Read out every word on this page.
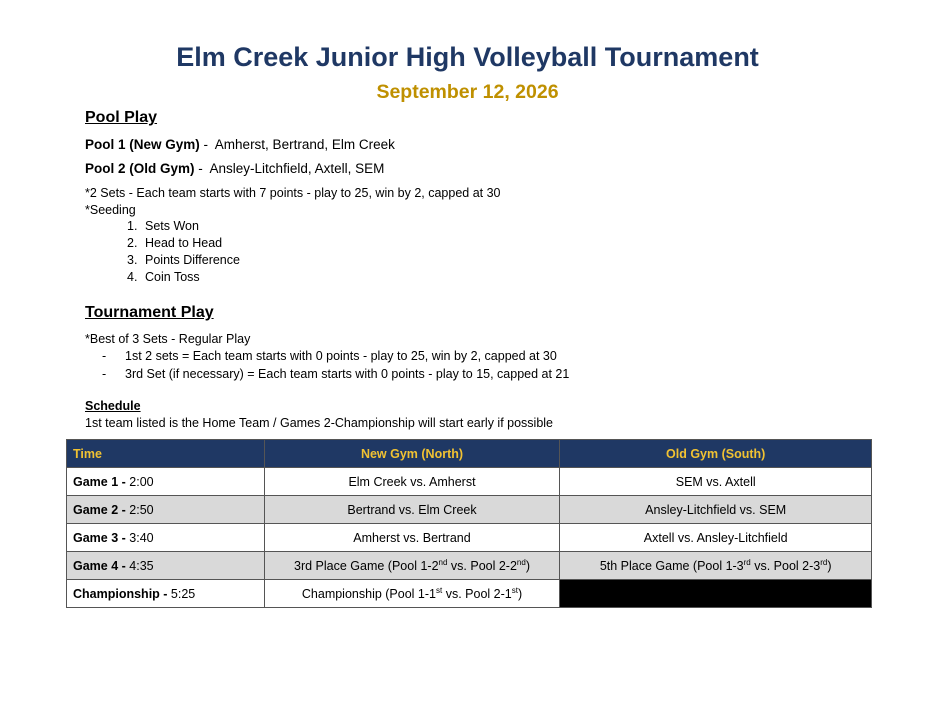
Elm Creek Junior High Volleyball Tournament
September 12, 2026
Pool Play
Pool 1 (New Gym) -  Amherst, Bertrand, Elm Creek
Pool 2 (Old Gym) -  Ansley-Litchfield, Axtell, SEM
*2 Sets - Each team starts with 7 points - play to 25, win by 2, capped at 30
*Seeding
1. Sets Won
2. Head to Head
3. Points Difference
4. Coin Toss
Tournament Play
*Best of 3 Sets - Regular Play
- 1st 2 sets = Each team starts with 0 points - play to 25, win by 2, capped at 30
- 3rd Set (if necessary) = Each team starts with 0 points - play to 15, capped at 21
Schedule
1st team listed is the Home Team / Games 2-Championship will start early if possible
Time	New Gym (North)	Old Gym (South)
Game 1 - 2:00	Elm Creek vs. Amherst	SEM vs. Axtell
Game 2 - 2:50	Bertrand vs. Elm Creek	Ansley-Litchfield vs. SEM
Game 3 - 3:40	Amherst vs. Bertrand	Axtell vs. Ansley-Litchfield
Game 4 - 4:35	3rd Place Game (Pool 1-2nd vs. Pool 2-2nd)	5th Place Game (Pool 1-3rd vs. Pool 2-3rd)
Championship - 5:25	Championship (Pool 1-1st vs. Pool 2-1st)	
